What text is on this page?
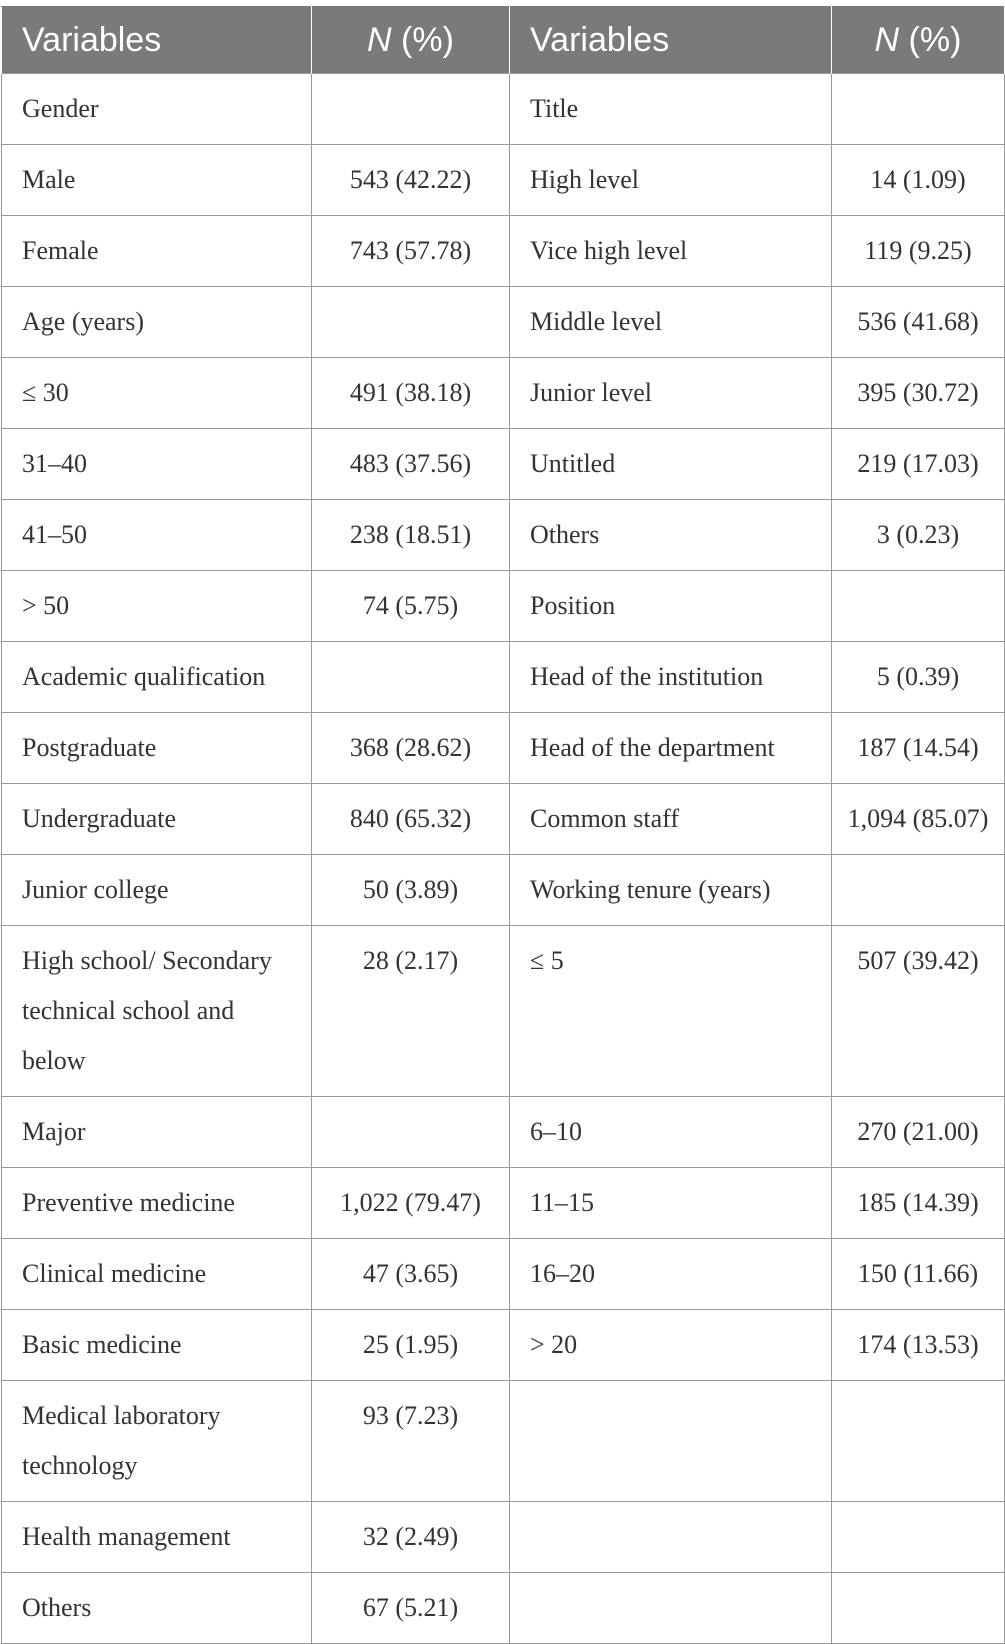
Variables	N (%)	Variables	N (%)
Gender		Title	
Male	543 (42.22)	High level	14 (1.09)
Female	743 (57.78)	Vice high level	119 (9.25)
Age (years)		Middle level	536 (41.68)
≤ 30	491 (38.18)	Junior level	395 (30.72)
31–40	483 (37.56)	Untitled	219 (17.03)
41–50	238 (18.51)	Others	3 (0.23)
> 50	74 (5.75)	Position	
Academic qualification		Head of the institution	5 (0.39)
Postgraduate	368 (28.62)	Head of the department	187 (14.54)
Undergraduate	840 (65.32)	Common staff	1,094 (85.07)
Junior college	50 (3.89)	Working tenure (years)	
High school/ Secondary technical school and below	28 (2.17)	≤ 5	507 (39.42)
Major		6–10	270 (21.00)
Preventive medicine	1,022 (79.47)	11–15	185 (14.39)
Clinical medicine	47 (3.65)	16–20	150 (11.66)
Basic medicine	25 (1.95)	> 20	174 (13.53)
Medical laboratory technology	93 (7.23)		
Health management	32 (2.49)		
Others	67 (5.21)		
